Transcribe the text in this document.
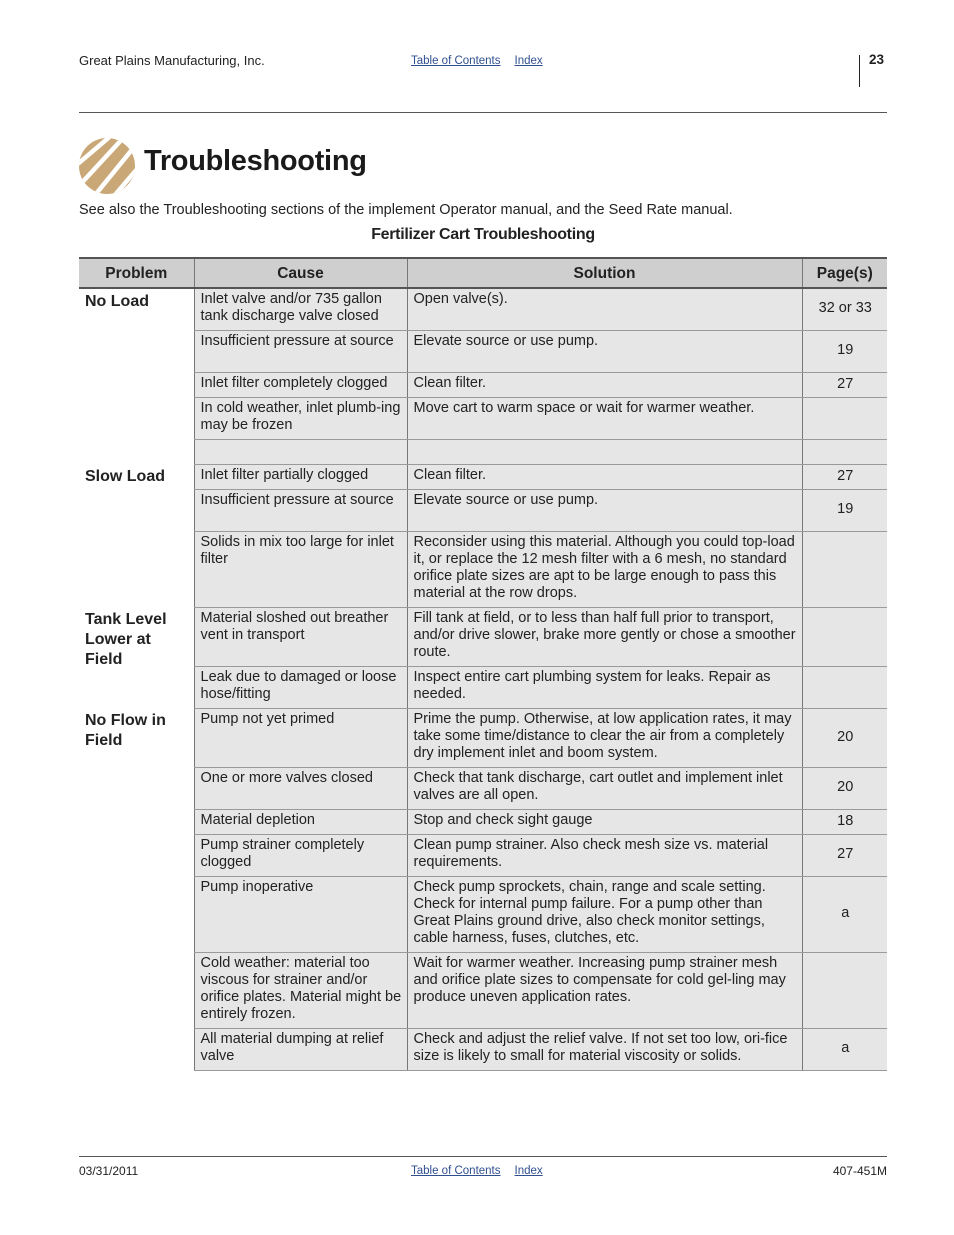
Great Plains Manufacturing, Inc.	Table of Contents Index	23
Troubleshooting
See also the Troubleshooting sections of the implement Operator manual, and the Seed Rate manual.
Fertilizer Cart Troubleshooting
Problem	Cause	Solution	Page(s)
No Load	Inlet valve and/or 735 gallon tank discharge valve closed	Open valve(s).	32 or 33
	Insufficient pressure at source	Elevate source or use pump.	19
	Inlet filter completely clogged	Clean filter.	27
	In cold weather, inlet plumb-ing may be frozen	Move cart to warm space or wait for warmer weather.	

Slow Load	Inlet filter partially clogged	Clean filter.	27
	Insufficient pressure at source	Elevate source or use pump.	19
	Solids in mix too large for inlet filter	Reconsider using this material. Although you could top-load it, or replace the 12 mesh filter with a 6 mesh, no standard orifice plate sizes are apt to be large enough to pass this material at the row drops.	
Tank Level Lower at Field	Material sloshed out breather vent in transport	Fill tank at field, or to less than half full prior to transport, and/or drive slower, brake more gently or chose a smoother route.	
	Leak due to damaged or loose hose/fitting	Inspect entire cart plumbing system for leaks. Repair as needed.	
No Flow in Field	Pump not yet primed	Prime the pump. Otherwise, at low application rates, it may take some time/distance to clear the air from a completely dry implement inlet and boom system.	20
	One or more valves closed	Check that tank discharge, cart outlet and implement inlet valves are all open.	20
	Material depletion	Stop and check sight gauge	18
	Pump strainer completely clogged	Clean pump strainer. Also check mesh size vs. material requirements.	27
	Pump inoperative	Check pump sprockets, chain, range and scale setting. Check for internal pump failure. For a pump other than Great Plains ground drive, also check monitor settings, cable harness, fuses, clutches, etc.	a
	Cold weather: material too viscous for strainer and/or orifice plates. Material might be entirely frozen.	Wait for warmer weather. Increasing pump strainer mesh and orifice plate sizes to compensate for cold gel-ling may produce uneven application rates.	
	All material dumping at relief valve	Check and adjust the relief valve. If not set too low, ori-fice size is likely to small for material viscosity or solids.	a
03/31/2011	Table of Contents Index	407-451M
